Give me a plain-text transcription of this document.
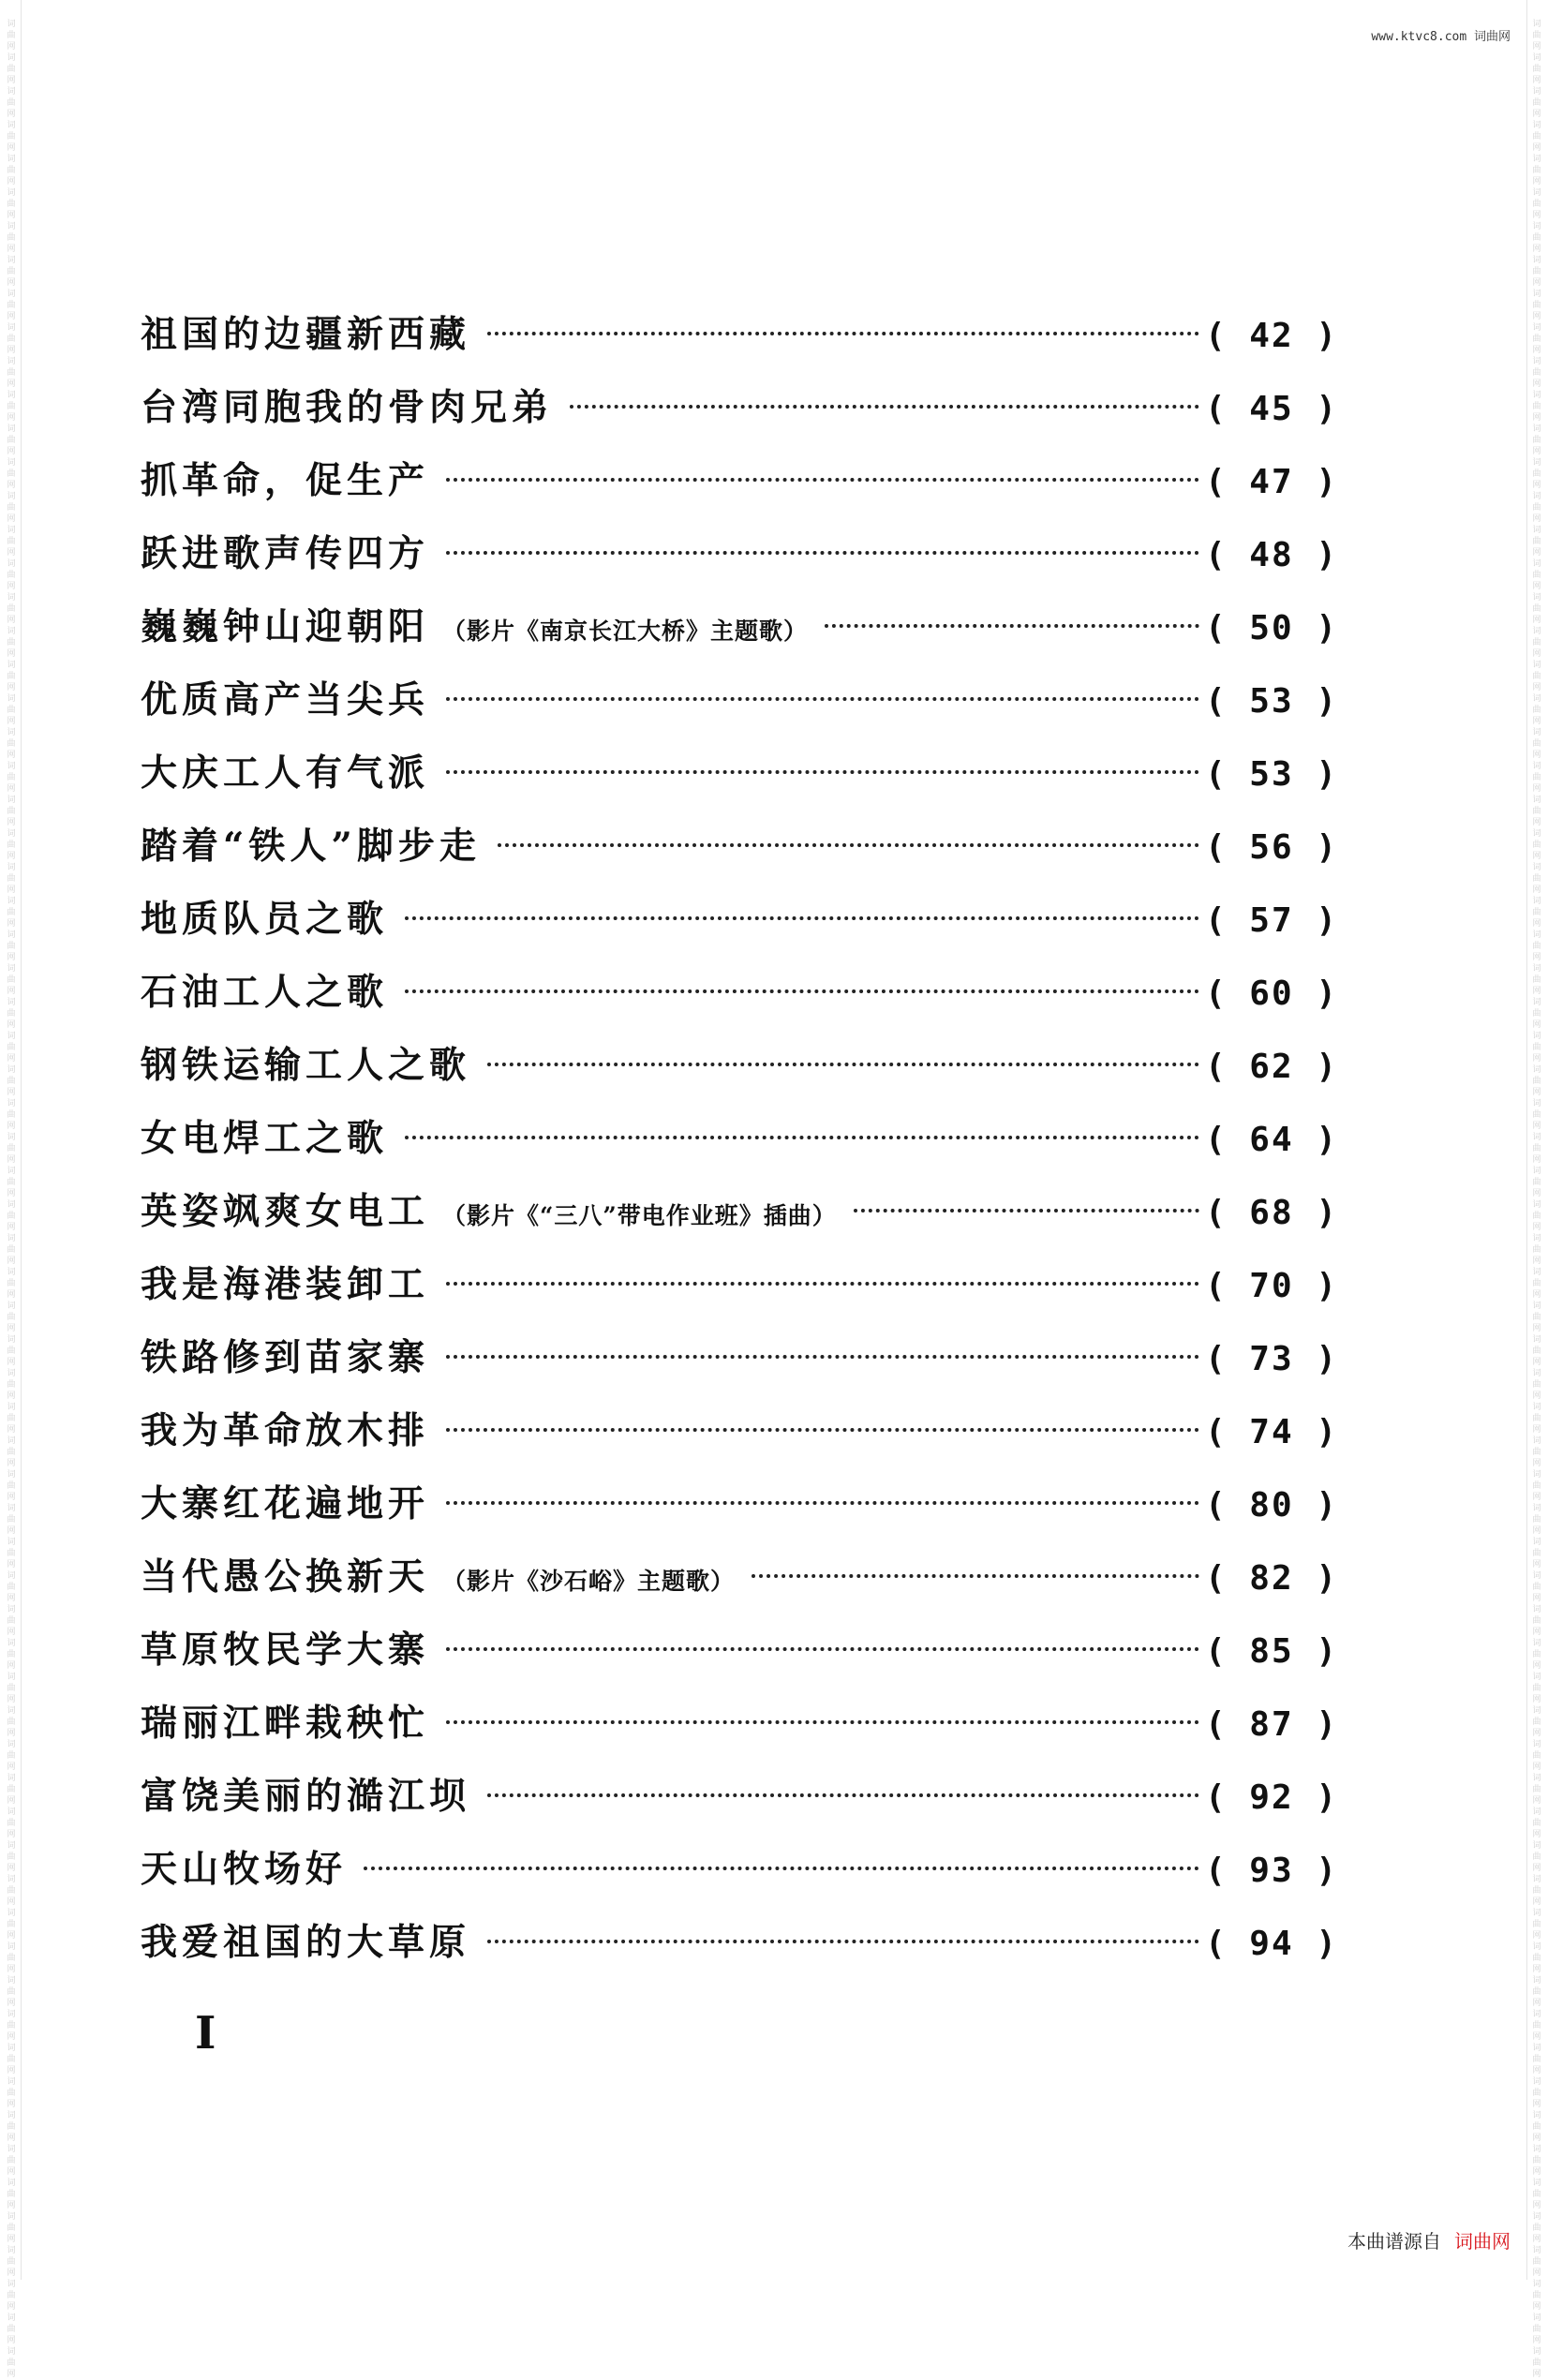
词曲网 词曲网 词曲网 词曲网 词曲网 词曲网 词曲网 词曲网 词曲网 词曲网 词曲网 词曲网 词曲网 词曲网 词曲网 词曲网 词曲网 词曲网 词曲网 词曲网 词曲网 词曲网 词曲网 词曲网 词曲网 词曲网 词曲网 词曲网 词曲网 词曲网 词曲网 词曲网 词曲网 词曲网 词曲网 词曲网 词曲网 词曲网 词曲网 词曲网 词曲网 词曲网 词曲网 词曲网 词曲网 词曲网 词曲网 词曲网 词曲网 词曲网 词曲网 词曲网 词曲网 词曲网 词曲网 词曲网 词曲网 词曲网 词曲网 词曲网 词曲网 词曲网 词曲网 词曲网 词曲网 词曲网 词曲网 词曲网 词曲网 词曲网
词曲网 词曲网 词曲网 词曲网 词曲网 词曲网 词曲网 词曲网 词曲网 词曲网 词曲网 词曲网 词曲网 词曲网 词曲网 词曲网 词曲网 词曲网 词曲网 词曲网 词曲网 词曲网 词曲网 词曲网 词曲网 词曲网 词曲网 词曲网 词曲网 词曲网 词曲网 词曲网 词曲网 词曲网 词曲网 词曲网 词曲网 词曲网 词曲网 词曲网 词曲网 词曲网 词曲网 词曲网 词曲网 词曲网 词曲网 词曲网 词曲网 词曲网 词曲网 词曲网 词曲网 词曲网 词曲网 词曲网 词曲网 词曲网 词曲网 词曲网 词曲网 词曲网 词曲网 词曲网 词曲网 词曲网 词曲网 词曲网 词曲网 词曲网
www.ktvc8.com 词曲网
祖国的边疆新西藏	( 42 )
台湾同胞我的骨肉兄弟	( 45 )
抓革命，促生产	( 47 )
跃进歌声传四方	( 48 )
巍巍钟山迎朝阳 （影片《南京长江大桥》主题歌）	( 50 )
优质高产当尖兵	( 53 )
大庆工人有气派	( 53 )
踏着“铁人”脚步走	( 56 )
地质队员之歌	( 57 )
石油工人之歌	( 60 )
钢铁运输工人之歌	( 62 )
女电焊工之歌	( 64 )
英姿飒爽女电工 （影片《“三八”带电作业班》插曲）	( 68 )
我是海港装卸工	( 70 )
铁路修到苗家寨	( 73 )
我为革命放木排	( 74 )
大寨红花遍地开	( 80 )
当代愚公换新天 （影片《沙石峪》主题歌）	( 82 )
草原牧民学大寨	( 85 )
瑞丽江畔栽秧忙	( 87 )
富饶美丽的澔江坝	( 92 )
天山牧场好	( 93 )
我爱祖国的大草原	( 94 )
I
本曲谱源自 词曲网
